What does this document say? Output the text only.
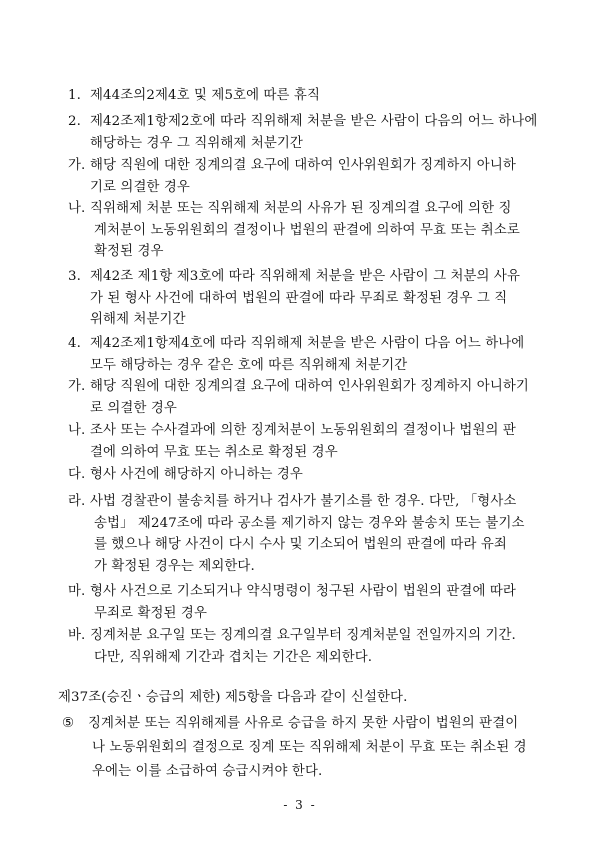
1. 제44조의2제4호 및 제5호에 따른 휴직
2. 제42조제1항제2호에 따라 직위해제 처분을 받은 사람이 다음의 어느 하나에
해당하는 경우 그 직위해제 처분기간
가. 해당 직원에 대한 징계의결 요구에 대하여 인사위원회가 징계하지 아니하
기로 의결한 경우
나. 직위해제 처분 또는 직위해제 처분의 사유가 된 징계의결 요구에 의한 징
계처분이 노동위원회의 결정이나 법원의 판결에 의하여 무효 또는 취소로
확정된 경우
3. 제42조 제1항 제3호에 따라 직위해제 처분을 받은 사람이 그 처분의 사유
가 된 형사 사건에 대하여 법원의 판결에 따라 무죄로 확정된 경우 그 직
위해제 처분기간
4. 제42조제1항제4호에 따라 직위해제 처분을 받은 사람이 다음 어느 하나에
모두 해당하는 경우 같은 호에 따른 직위해제 처분기간
가. 해당 직원에 대한 징계의결 요구에 대하여 인사위원회가 징계하지 아니하기
로 의결한 경우
나. 조사 또는 수사결과에 의한 징계처분이 노동위원회의 결정이나 법원의 판
결에 의하여 무효 또는 취소로 확정된 경우
다. 형사 사건에 해당하지 아니하는 경우
라. 사법 경찰관이 불송치를 하거나 검사가 불기소를 한 경우. 다만, 「형사소
송법」 제247조에 따라 공소를 제기하지 않는 경우와 불송치 또는 불기소
를 했으나 해당 사건이 다시 수사 및 기소되어 법원의 판결에 따라 유죄
가 확정된 경우는 제외한다.
마. 형사 사건으로 기소되거나 약식명령이 청구된 사람이 법원의 판결에 따라
무죄로 확정된 경우
바. 징계처분 요구일 또는 징계의결 요구일부터 징계처분일 전일까지의 기간.
다만, 직위해제 기간과 겹치는 기간은 제외한다.
제37조(승진ㆍ승급의 제한) 제5항을 다음과 같이 신설한다.
⑤ 징계처분 또는 직위해제를 사유로 승급을 하지 못한 사람이 법원의 판결이
나 노동위원회의 결정으로 징계 또는 직위해제 처분이 무효 또는 취소된 경
우에는 이를 소급하여 승급시켜야 한다.
- 3 -
